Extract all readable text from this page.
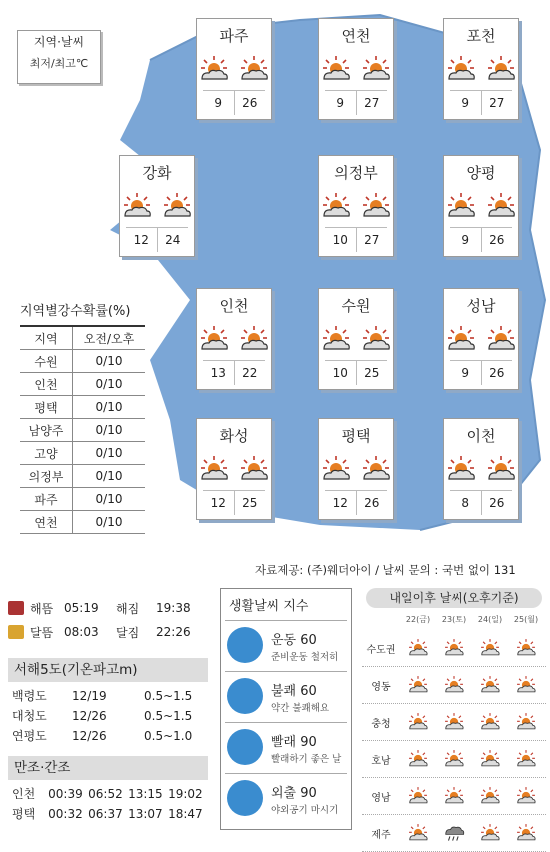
지역·날씨
최저/최고℃
파주
9	26
연천
9	27
포천
9	27
강화
12	24
의정부
10	27
양평
9	26
인천
13	22
수원
10	25
성남
9	26
화성
12	25
평택
12	26
이천
8	26
지역별강수확률(%)
지역	오전/오후
수원	0/10
인천	0/10
평택	0/10
남양주	0/10
고양	0/10
의정부	0/10
파주	0/10
연천	0/10
자료제공: (주)웨더아이 / 날씨 문의 : 국번 없이 131
해뜸 05:19	해짐	19:38
달뜸 08:03	달짐	22:26
서해5도(기온파고m)
백령도	12/19	0.5~1.5
대청도	12/26	0.5~1.5
연평도	12/26	0.5~1.0
만조·간조
인천	00:39 06:52 13:15 19:02
평택	00:32 06:37 13:07 18:47
생활날씨 지수
운동 60
준비운동 철저히
불쾌 60
약간 불쾌해요
빨래 90
빨래하기 좋은 날
외출 90
야외공기 마시기
내일이후 날씨(오후기준)
22(금)	23(토)	24(일)	25(월)
수도권
영동
충청
호남
영남
제주
